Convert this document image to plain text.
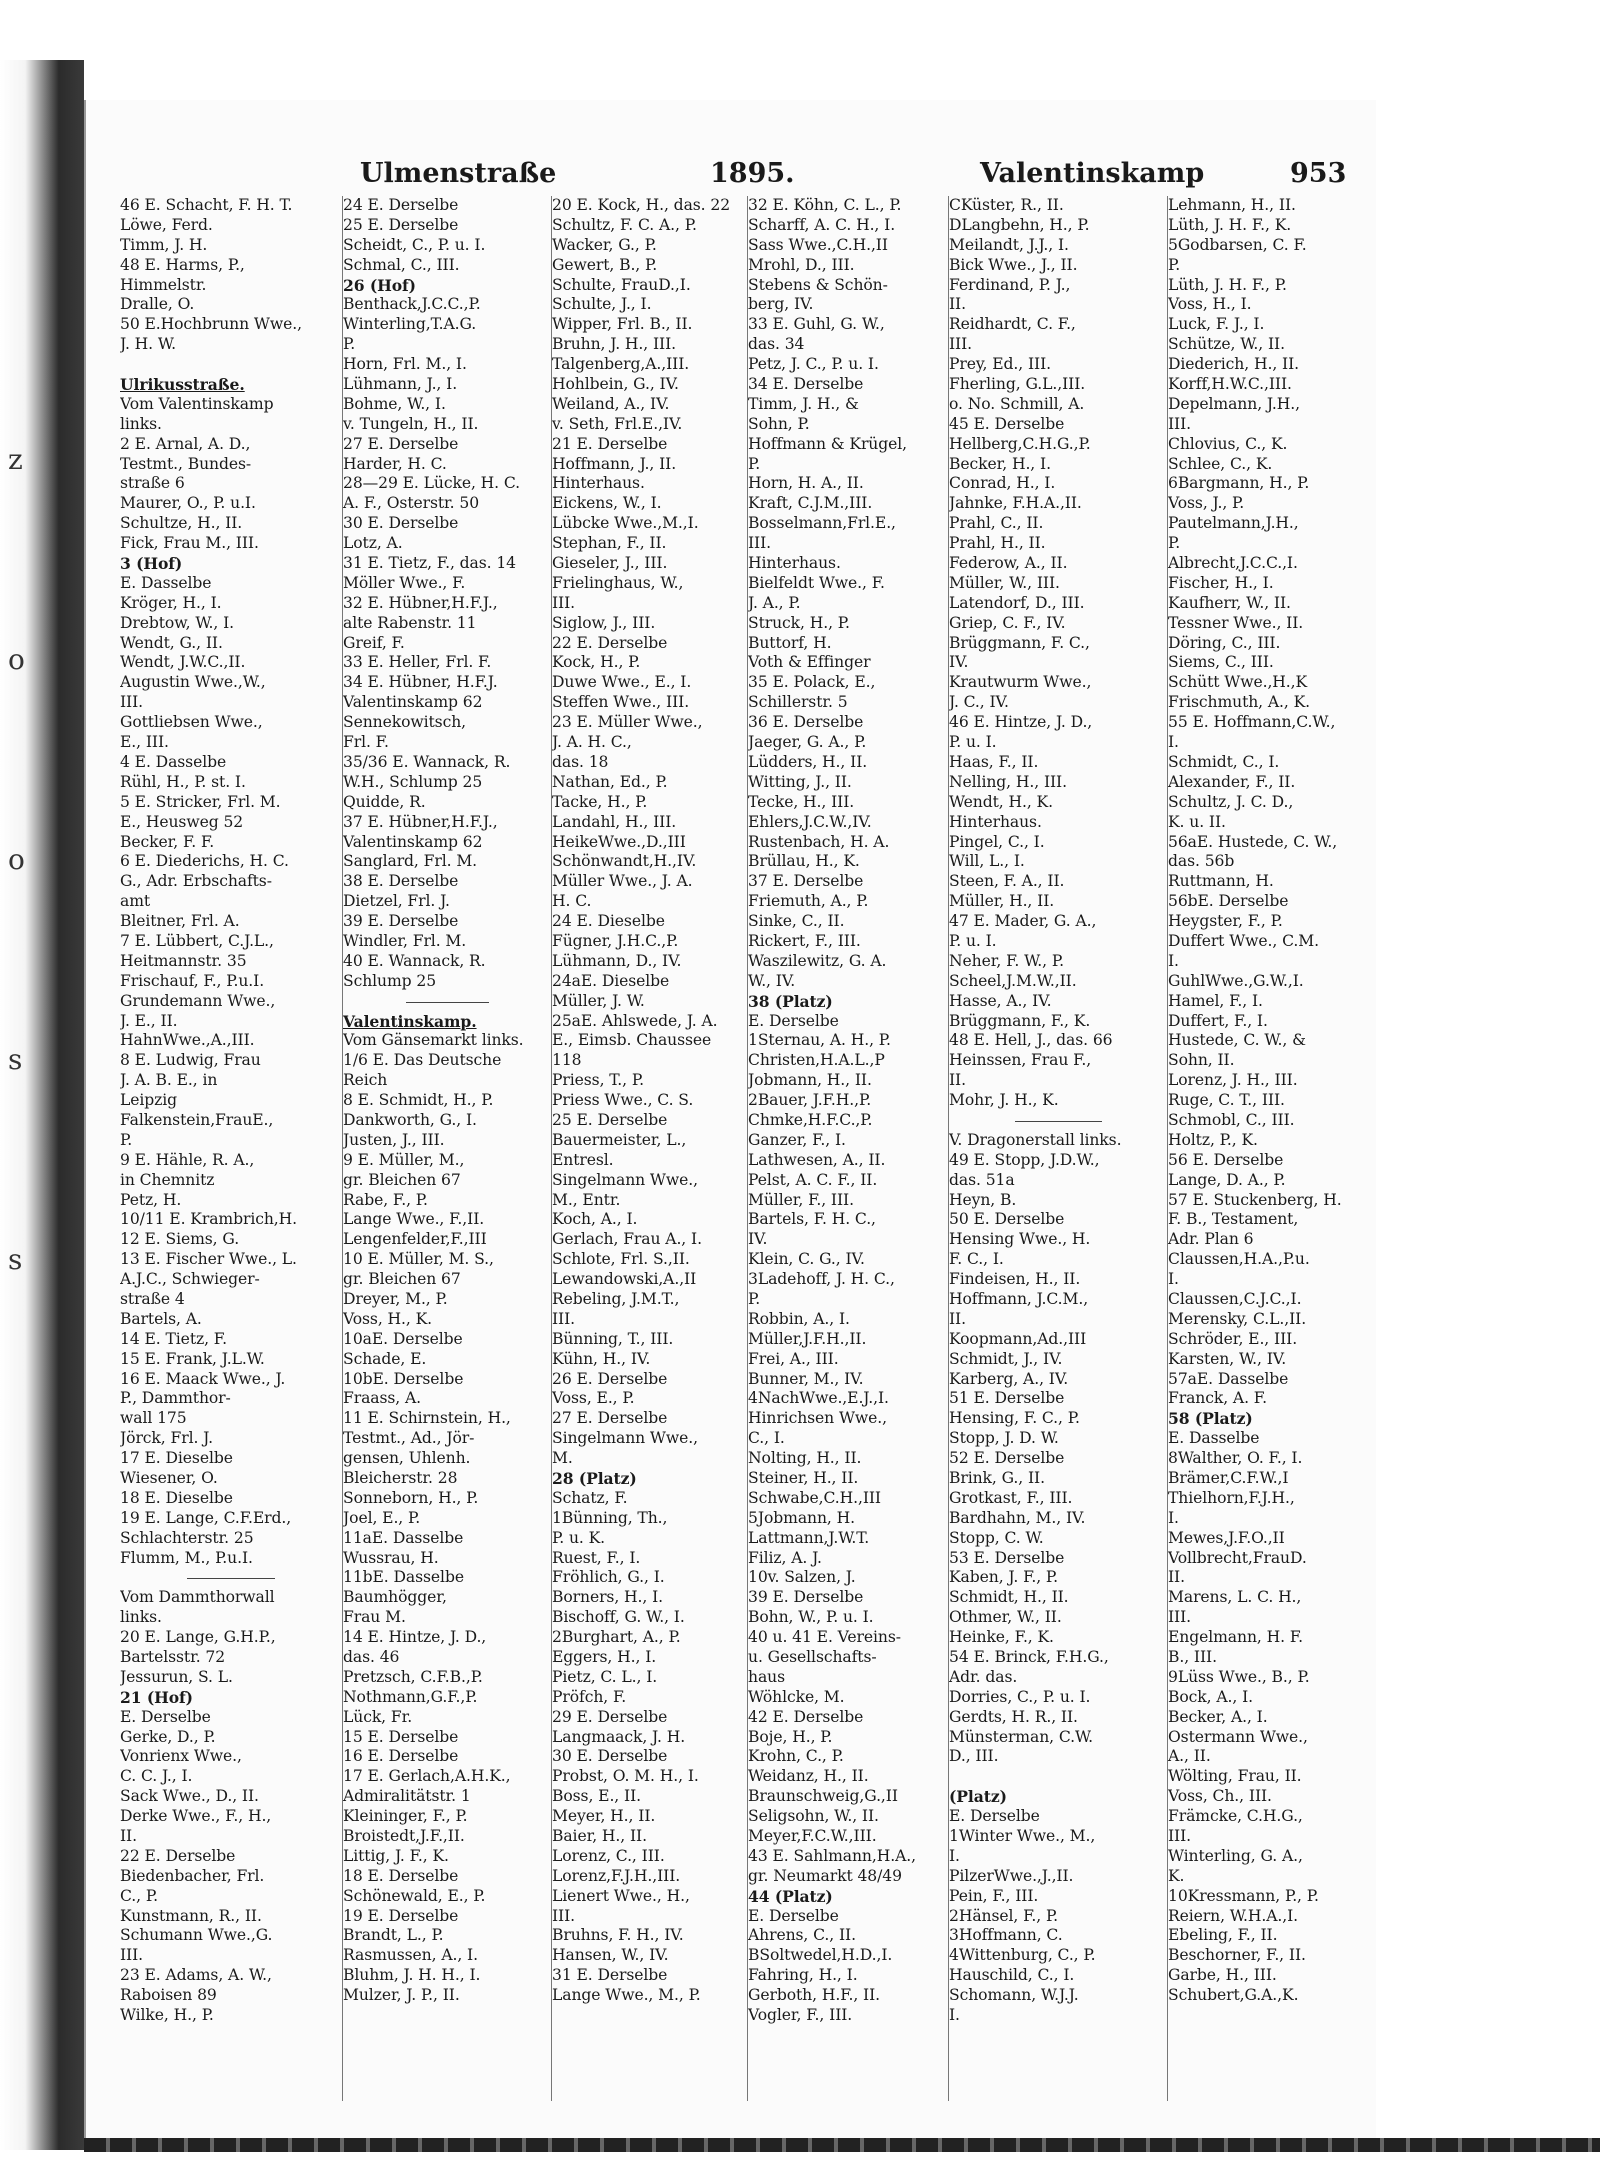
z
o
o
s
s
Ulmenstraße	1895.	Valentinskamp	953
46 E. Schacht, F. H. T.
Löwe, Ferd.
Timm, J. H.
48 E. Harms, P.,
Himmelstr.
Dralle, O.
50 E.Hochbrunn Wwe.,
J. H. W.
Ulrikusstraße.
Vom Valentinskamp
links.
2 E. Arnal, A. D.,
Testmt., Bundes-
straße 6
Maurer, O., P. u.I.
Schultze, H., II.
Fick, Frau M., III.
3 (Hof)
E. Dasselbe
Kröger, H., I.
Drebtow, W., I.
Wendt, G., II.
Wendt, J.W.C.,II.
Augustin Wwe.,W.,
III.
Gottliebsen Wwe.,
E., III.
4 E. Dasselbe
Rühl, H., P. st. I.
5 E. Stricker, Frl. M.
E., Heusweg 52
Becker, F. F.
6 E. Diederichs, H. C.
G., Adr. Erbschafts-
amt
Bleitner, Frl. A.
7 E. Lübbert, C.J.L.,
Heitmannstr. 35
Frischauf, F., P.u.I.
Grundemann Wwe.,
J. E., II.
HahnWwe.,A.,III.
8 E. Ludwig, Frau
J. A. B. E., in
Leipzig
Falkenstein,FrauE.,
P.
9 E. Hähle, R. A.,
in Chemnitz
Petz, H.
10/11 E. Krambrich,H.
12 E. Siems, G.
13 E. Fischer Wwe., L.
A.J.C., Schwieger-
straße 4
Bartels, A.
14 E. Tietz, F.
15 E. Frank, J.L.W.
16 E. Maack Wwe., J.
P., Dammthor-
wall 175
Jörck, Frl. J.
17 E. Dieselbe
Wiesener, O.
18 E. Dieselbe
19 E. Lange, C.F.Erd.,
Schlachterstr. 25
Flumm, M., P.u.I.
Vom Dammthorwall
links.
20 E. Lange, G.H.P.,
Bartelsstr. 72
Jessurun, S. L.
21 (Hof)
E. Derselbe
Gerke, D., P.
Vonrienx Wwe.,
C. C. J., I.
Sack Wwe., D., II.
Derke Wwe., F., H.,
II.
22 E. Derselbe
Biedenbacher, Frl.
C., P.
Kunstmann, R., II.
Schumann Wwe.,G.
III.
23 E. Adams, A. W.,
Raboisen 89
Wilke, H., P.
24 E. Derselbe
25 E. Derselbe
Scheidt, C., P. u. I.
Schmal, C., III.
26 (Hof)
Benthack,J.C.C.,P.
Winterling,T.A.G.
P.
Horn, Frl. M., I.
Lühmann, J., I.
Bohme, W., I.
v. Tungeln, H., II.
27 E. Derselbe
Harder, H. C.
28—29 E. Lücke, H. C.
A. F., Osterstr. 50
30 E. Derselbe
Lotz, A.
31 E. Tietz, F., das. 14
Möller Wwe., F.
32 E. Hübner,H.F.J.,
alte Rabenstr. 11
Greif, F.
33 E. Heller, Frl. F.
34 E. Hübner, H.F.J.
Valentinskamp 62
Sennekowitsch,
Frl. F.
35/36 E. Wannack, R.
W.H., Schlump 25
Quidde, R.
37 E. Hübner,H.F.J.,
Valentinskamp 62
Sanglard, Frl. M.
38 E. Derselbe
Dietzel, Frl. J.
39 E. Derselbe
Windler, Frl. M.
40 E. Wannack, R.
Schlump 25
Valentinskamp.
Vom Gänsemarkt links.
1/6 E. Das Deutsche
Reich
8 E. Schmidt, H., P.
Dankworth, G., I.
Justen, J., III.
9 E. Müller, M.,
gr. Bleichen 67
Rabe, F., P.
Lange Wwe., F.,II.
Lengenfelder,F.,III
10 E. Müller, M. S.,
gr. Bleichen 67
Dreyer, M., P.
Voss, H., K.
10aE. Derselbe
Schade, E.
10bE. Derselbe
Fraass, A.
11 E. Schirnstein, H.,
Testmt., Ad., Jör-
gensen, Uhlenh.
Bleicherstr. 28
Sonneborn, H., P.
Joel, E., P.
11aE. Dasselbe
Wussrau, H.
11bE. Dasselbe
Baumhögger,
Frau M.
14 E. Hintze, J. D.,
das. 46
Pretzsch, C.F.B.,P.
Nothmann,G.F.,P.
Lück, Fr.
15 E. Derselbe
16 E. Derselbe
17 E. Gerlach,A.H.K.,
Admiralitätstr. 1
Kleininger, F., P.
Broistedt,J.F.,II.
Littig, J. F., K.
18 E. Derselbe
Schönewald, E., P.
19 E. Derselbe
Brandt, L., P.
Rasmussen, A., I.
Bluhm, J. H. H., I.
Mulzer, J. P., II.
20 E. Kock, H., das. 22
Schultz, F. C. A., P.
Wacker, G., P.
Gewert, B., P.
Schulte, FrauD.,I.
Schulte, J., I.
Wipper, Frl. B., II.
Bruhn, J. H., III.
Talgenberg,A.,III.
Hohlbein, G., IV.
Weiland, A., IV.
v. Seth, Frl.E.,IV.
21 E. Derselbe
Hoffmann, J., II.
Hinterhaus.
Eickens, W., I.
Lübcke Wwe.,M.,I.
Stephan, F., II.
Gieseler, J., III.
Frielinghaus, W.,
III.
Siglow, J., III.
22 E. Derselbe
Kock, H., P.
Duwe Wwe., E., I.
Steffen Wwe., III.
23 E. Müller Wwe.,
J. A. H. C.,
das. 18
Nathan, Ed., P.
Tacke, H., P.
Landahl, H., III.
HeikeWwe.,D.,III
Schönwandt,H.,IV.
Müller Wwe., J. A.
H. C.
24 E. Dieselbe
Fügner, J.H.C.,P.
Lühmann, D., IV.
24aE. Dieselbe
Müller, J. W.
25aE. Ahlswede, J. A.
E., Eimsb. Chaussee
118
Priess, T., P.
Priess Wwe., C. S.
25 E. Derselbe
Bauermeister, L.,
Entresl.
Singelmann Wwe.,
M., Entr.
Koch, A., I.
Gerlach, Frau A., I.
Schlote, Frl. S.,II.
Lewandowski,A.,II
Rebeling, J.M.T.,
III.
Bünning, T., III.
Kühn, H., IV.
26 E. Derselbe
Voss, E., P.
27 E. Derselbe
Singelmann Wwe.,
M.
28 (Platz)
Schatz, F.
1Bünning, Th.,
P. u. K.
Ruest, F., I.
Fröhlich, G., I.
Borners, H., I.
Bischoff, G. W., I.
2Burghart, A., P.
Eggers, H., I.
Pietz, C. L., I.
Pröfch, F.
29 E. Derselbe
Langmaack, J. H.
30 E. Derselbe
Probst, O. M. H., I.
Boss, E., II.
Meyer, H., II.
Baier, H., II.
Lorenz, C., III.
Lorenz,F.J.H.,III.
Lienert Wwe., H.,
III.
Bruhns, F. H., IV.
Hansen, W., IV.
31 E. Derselbe
Lange Wwe., M., P.
32 E. Köhn, C. L., P.
Scharff, A. C. H., I.
Sass Wwe.,C.H.,II
Mrohl, D., III.
Stebens & Schön-
berg, IV.
33 E. Guhl, G. W.,
das. 34
Petz, J. C., P. u. I.
34 E. Derselbe
Timm, J. H., &
Sohn, P.
Hoffmann & Krügel,
P.
Horn, H. A., II.
Kraft, C.J.M.,III.
Bosselmann,Frl.E.,
III.
Hinterhaus.
Bielfeldt Wwe., F.
J. A., P.
Struck, H., P.
Buttorf, H.
Voth & Effinger
35 E. Polack, E.,
Schillerstr. 5
36 E. Derselbe
Jaeger, G. A., P.
Lüdders, H., II.
Witting, J., II.
Tecke, H., III.
Ehlers,J.C.W.,IV.
Rustenbach, H. A.
Brüllau, H., K.
37 E. Derselbe
Friemuth, A., P.
Sinke, C., II.
Rickert, F., III.
Waszilewitz, G. A.
W., IV.
38 (Platz)
E. Derselbe
1Sternau, A. H., P.
Christen,H.A.L.,P
Jobmann, H., II.
2Bauer, J.F.H.,P.
Chmke,H.F.C.,P.
Ganzer, F., I.
Lathwesen, A., II.
Pelst, A. C. F., II.
Müller, F., III.
Bartels, F. H. C.,
IV.
Klein, C. G., IV.
3Ladehoff, J. H. C.,
P.
Robbin, A., I.
Müller,J.F.H.,II.
Frei, A., III.
Bunner, M., IV.
4NachWwe.,E.J.,I.
Hinrichsen Wwe.,
C., I.
Nolting, H., II.
Steiner, H., II.
Schwabe,C.H.,III
5Jobmann, H.
Lattmann,J.W.T.
Filiz, A. J.
10v. Salzen, J.
39 E. Derselbe
Bohn, W., P. u. I.
40 u. 41 E. Vereins-
u. Gesellschafts-
haus
Wöhlcke, M.
42 E. Derselbe
Boje, H., P.
Krohn, C., P.
Weidanz, H., II.
Braunschweig,G.,II
Seligsohn, W., II.
Meyer,F.C.W.,III.
43 E. Sahlmann,H.A.,
gr. Neumarkt 48/49
44 (Platz)
E. Derselbe
Ahrens, C., II.
BSoltwedel,H.D.,I.
Fahring, H., I.
Gerboth, H.F., II.
Vogler, F., III.
CKüster, R., II.
DLangbehn, H., P.
Meilandt, J.J., I.
Bick Wwe., J., II.
Ferdinand, P. J.,
II.
Reidhardt, C. F.,
III.
Prey, Ed., III.
Fherling, G.L.,III.
o. No. Schmill, A.
45 E. Derselbe
Hellberg,C.H.G.,P.
Becker, H., I.
Conrad, H., I.
Jahnke, F.H.A.,II.
Prahl, C., II.
Prahl, H., II.
Federow, A., II.
Müller, W., III.
Latendorf, D., III.
Griep, C. F., IV.
Brüggmann, F. C.,
IV.
Krautwurm Wwe.,
J. C., IV.
46 E. Hintze, J. D.,
P. u. I.
Haas, F., II.
Nelling, H., III.
Wendt, H., K.
Hinterhaus.
Pingel, C., I.
Will, L., I.
Steen, F. A., II.
Müller, H., II.
47 E. Mader, G. A.,
P. u. I.
Neher, F. W., P.
Scheel,J.M.W.,II.
Hasse, A., IV.
Brüggmann, F., K.
48 E. Hell, J., das. 66
Heinssen, Frau F.,
II.
Mohr, J. H., K.
V. Dragonerstall links.
49 E. Stopp, J.D.W.,
das. 51a
Heyn, B.
50 E. Derselbe
Hensing Wwe., H.
F. C., I.
Findeisen, H., II.
Hoffmann, J.C.M.,
II.
Koopmann,Ad.,III
Schmidt, J., IV.
Karberg, A., IV.
51 E. Derselbe
Hensing, F. C., P.
Stopp, J. D. W.
52 E. Derselbe
Brink, G., II.
Grotkast, F., III.
Bardhahn, M., IV.
Stopp, C. W.
53 E. Derselbe
Kaben, J. F., P.
Schmidt, H., II.
Othmer, W., II.
Heinke, F., K.
54 E. Brinck, F.H.G.,
Adr. das.
Dorries, C., P. u. I.
Gerdts, H. R., II.
Münsterman, C.W.
D., III.
(Platz)
E. Derselbe
1Winter Wwe., M.,
I.
PilzerWwe.,J.,II.
Pein, F., III.
2Hänsel, F., P.
3Hoffmann, C.
4Wittenburg, C., P.
Hauschild, C., I.
Schomann, W.J.J.
I.
Lehmann, H., II.
Lüth, J. H. F., K.
5Godbarsen, C. F.
P.
Lüth, J. H. F., P.
Voss, H., I.
Luck, F. J., I.
Schütze, W., II.
Diederich, H., II.
Korff,H.W.C.,III.
Depelmann, J.H.,
III.
Chlovius, C., K.
Schlee, C., K.
6Bargmann, H., P.
Voss, J., P.
Pautelmann,J.H.,
P.
Albrecht,J.C.C.,I.
Fischer, H., I.
Kaufherr, W., II.
Tessner Wwe., II.
Döring, C., III.
Siems, C., III.
Schütt Wwe.,H.,K
Frischmuth, A., K.
55 E. Hoffmann,C.W.,
I.
Schmidt, C., I.
Alexander, F., II.
Schultz, J. C. D.,
K. u. II.
56aE. Hustede, C. W.,
das. 56b
Ruttmann, H.
56bE. Derselbe
Heygster, F., P.
Duffert Wwe., C.M.
I.
GuhlWwe.,G.W.,I.
Hamel, F., I.
Duffert, F., I.
Hustede, C. W., &
Sohn, II.
Lorenz, J. H., III.
Ruge, C. T., III.
Schmobl, C., III.
Holtz, P., K.
56 E. Derselbe
Lange, D. A., P.
57 E. Stuckenberg, H.
F. B., Testament,
Adr. Plan 6
Claussen,H.A.,P.u.
I.
Claussen,C.J.C.,I.
Merensky, C.L.,II.
Schröder, E., III.
Karsten, W., IV.
57aE. Dasselbe
Franck, A. F.
58 (Platz)
E. Dasselbe
8Walther, O. F., I.
Brämer,C.F.W.,I
Thielhorn,F.J.H.,
I.
Mewes,J.F.O.,II
Vollbrecht,FrauD.
II.
Marens, L. C. H.,
III.
Engelmann, H. F.
B., III.
9Lüss Wwe., B., P.
Bock, A., I.
Becker, A., I.
Ostermann Wwe.,
A., II.
Wölting, Frau, II.
Voss, Ch., III.
Främcke, C.H.G.,
III.
Winterling, G. A.,
K.
10Kressmann, P., P.
Reiern, W.H.A.,I.
Ebeling, F., II.
Beschorner, F., II.
Garbe, H., III.
Schubert,G.A.,K.
